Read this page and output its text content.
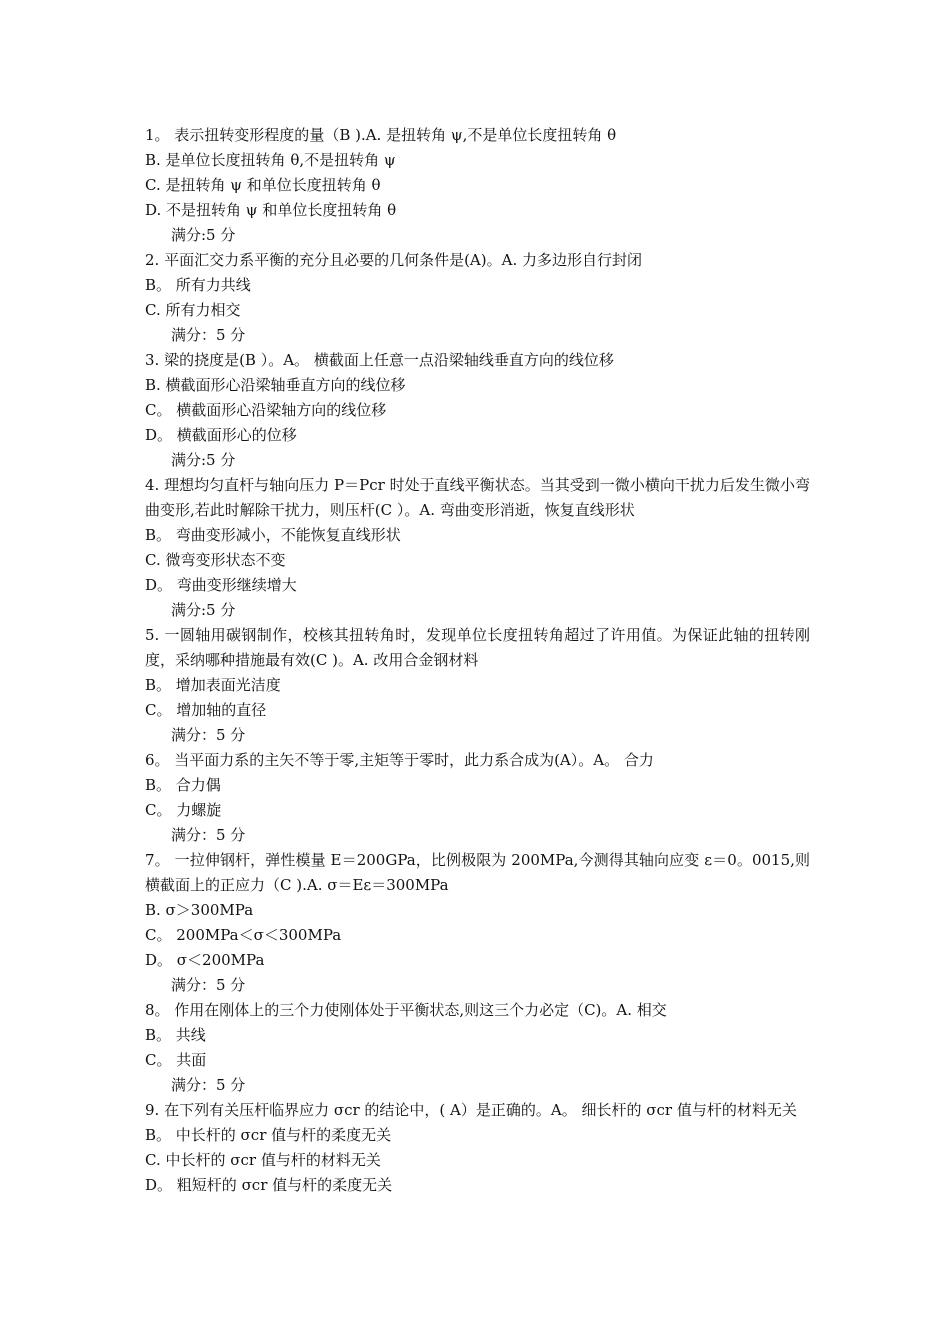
1。 表示扭转变形程度的量（B ).A. 是扭转角 ψ,不是单位长度扭转角 θ
B. 是单位长度扭转角 θ,不是扭转角 ψ
C. 是扭转角 ψ 和单位长度扭转角 θ
D. 不是扭转角 ψ 和单位长度扭转角 θ
满分:5 分
2. 平面汇交力系平衡的充分且必要的几何条件是(A)。A. 力多边形自行封闭
B。 所有力共线
C. 所有力相交
满分：5 分
3. 梁的挠度是(B ）。A。 横截面上任意一点沿梁轴线垂直方向的线位移
B. 横截面形心沿梁轴垂直方向的线位移
C。 横截面形心沿梁轴方向的线位移
D。 横截面形心的位移
满分:5 分
4. 理想均匀直杆与轴向压力 P＝Pcr 时处于直线平衡状态。当其受到一微小横向干扰力后发生微小弯曲变形,若此时解除干扰力，则压杆(C ）。A. 弯曲变形消逝，恢复直线形状
B。 弯曲变形减小，不能恢复直线形状
C. 微弯变形状态不变
D。 弯曲变形继续增大
满分:5 分
5. 一圆轴用碳钢制作，校核其扭转角时，发现单位长度扭转角超过了许用值。为保证此轴的扭转刚度，采纳哪种措施最有效(C )。A. 改用合金钢材料
B。 增加表面光洁度
C。 增加轴的直径
满分：5 分
6。 当平面力系的主矢不等于零,主矩等于零时，此力系合成为(A）。A。 合力
B。 合力偶
C。 力螺旋
满分：5 分
7。 一拉伸钢杆，弹性模量 E＝200GPa，比例极限为 200MPa,今测得其轴向应变 ε＝0。0015,则横截面上的正应力（C ).A. σ＝Eε＝300MPa
B. σ＞300MPa
C。 200MPa＜σ＜300MPa
D。 σ＜200MPa
满分：5 分
8。 作用在刚体上的三个力使刚体处于平衡状态,则这三个力必定（C)。A. 相交
B。 共线
C。 共面
满分：5 分
9. 在下列有关压杆临界应力 σcr 的结论中，( A）是正确的。A。 细长杆的 σcr 值与杆的材料无关
B。 中长杆的 σcr 值与杆的柔度无关
C. 中长杆的 σcr 值与杆的材料无关
D。 粗短杆的 σcr 值与杆的柔度无关
